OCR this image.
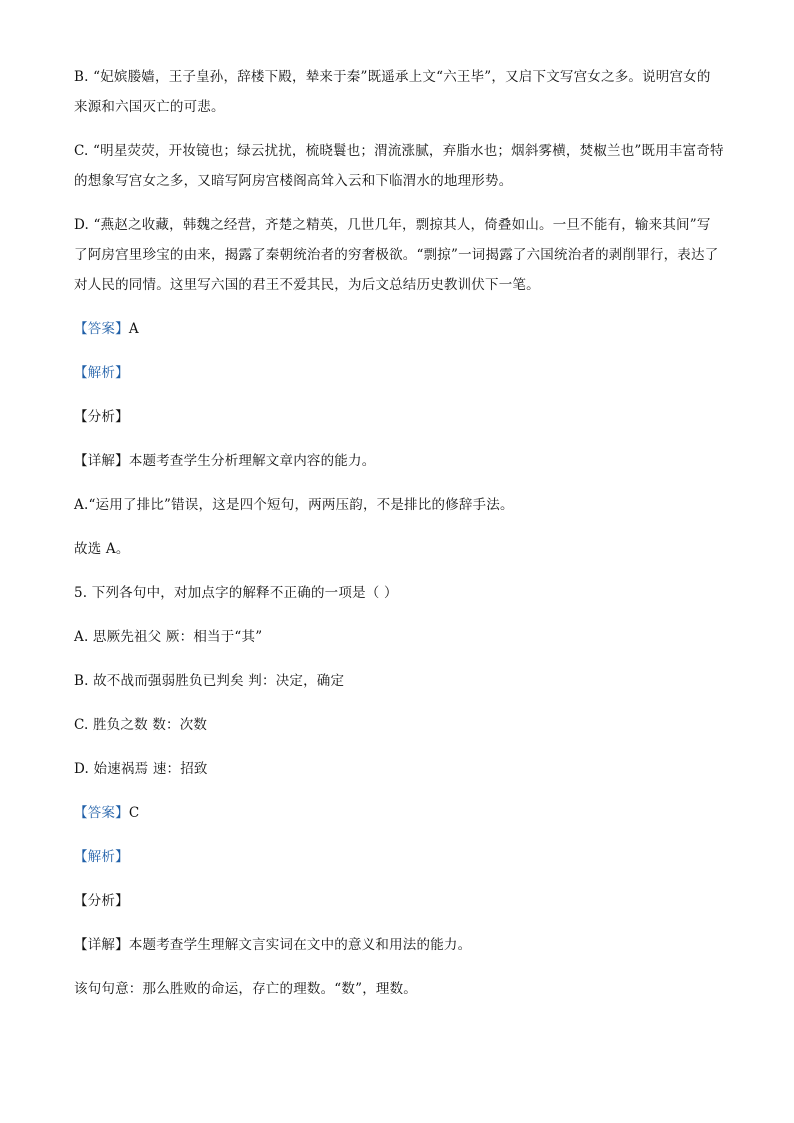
B. “妃嫔媵嫱，王子皇孙，辞楼下殿，辇来于秦”既遥承上文“六王毕”，又启下文写宫女之多。说明宫女的来源和六国灭亡的可悲。

C. “明星荧荧，开妆镜也；绿云扰扰，梳晓鬟也；渭流涨腻，弃脂水也；烟斜雾横，焚椒兰也”既用丰富奇特的想象写宫女之多，又暗写阿房宫楼阁高耸入云和下临渭水的地理形势。

D. “燕赵之收藏，韩魏之经营，齐楚之精英，几世几年，剽掠其人，倚叠如山。一旦不能有，输来其间”写了阿房宫里珍宝的由来，揭露了秦朝统治者的穷奢极欲。“剽掠”一词揭露了六国统治者的剥削罪行，表达了对人民的同情。这里写六国的君王不爱其民，为后文总结历史教训伏下一笔。

【答案】A

【解析】

【分析】

【详解】本题考查学生分析理解文章内容的能力。

A.“运用了排比”错误，这是四个短句，两两压韵，不是排比的修辞手法。

故选 A。

5. 下列各句中，对加点字的解释不正确的一项是（ ）

A. 思厥先祖父 厥：相当于“其”

B. 故不战而强弱胜负已判矣 判：决定，确定

C. 胜负之数 数：次数

D. 始速祸焉 速：招致

【答案】C

【解析】

【分析】

【详解】本题考查学生理解文言实词在文中的意义和用法的能力。

该句句意：那么胜败的命运，存亡的理数。“数”，理数。
